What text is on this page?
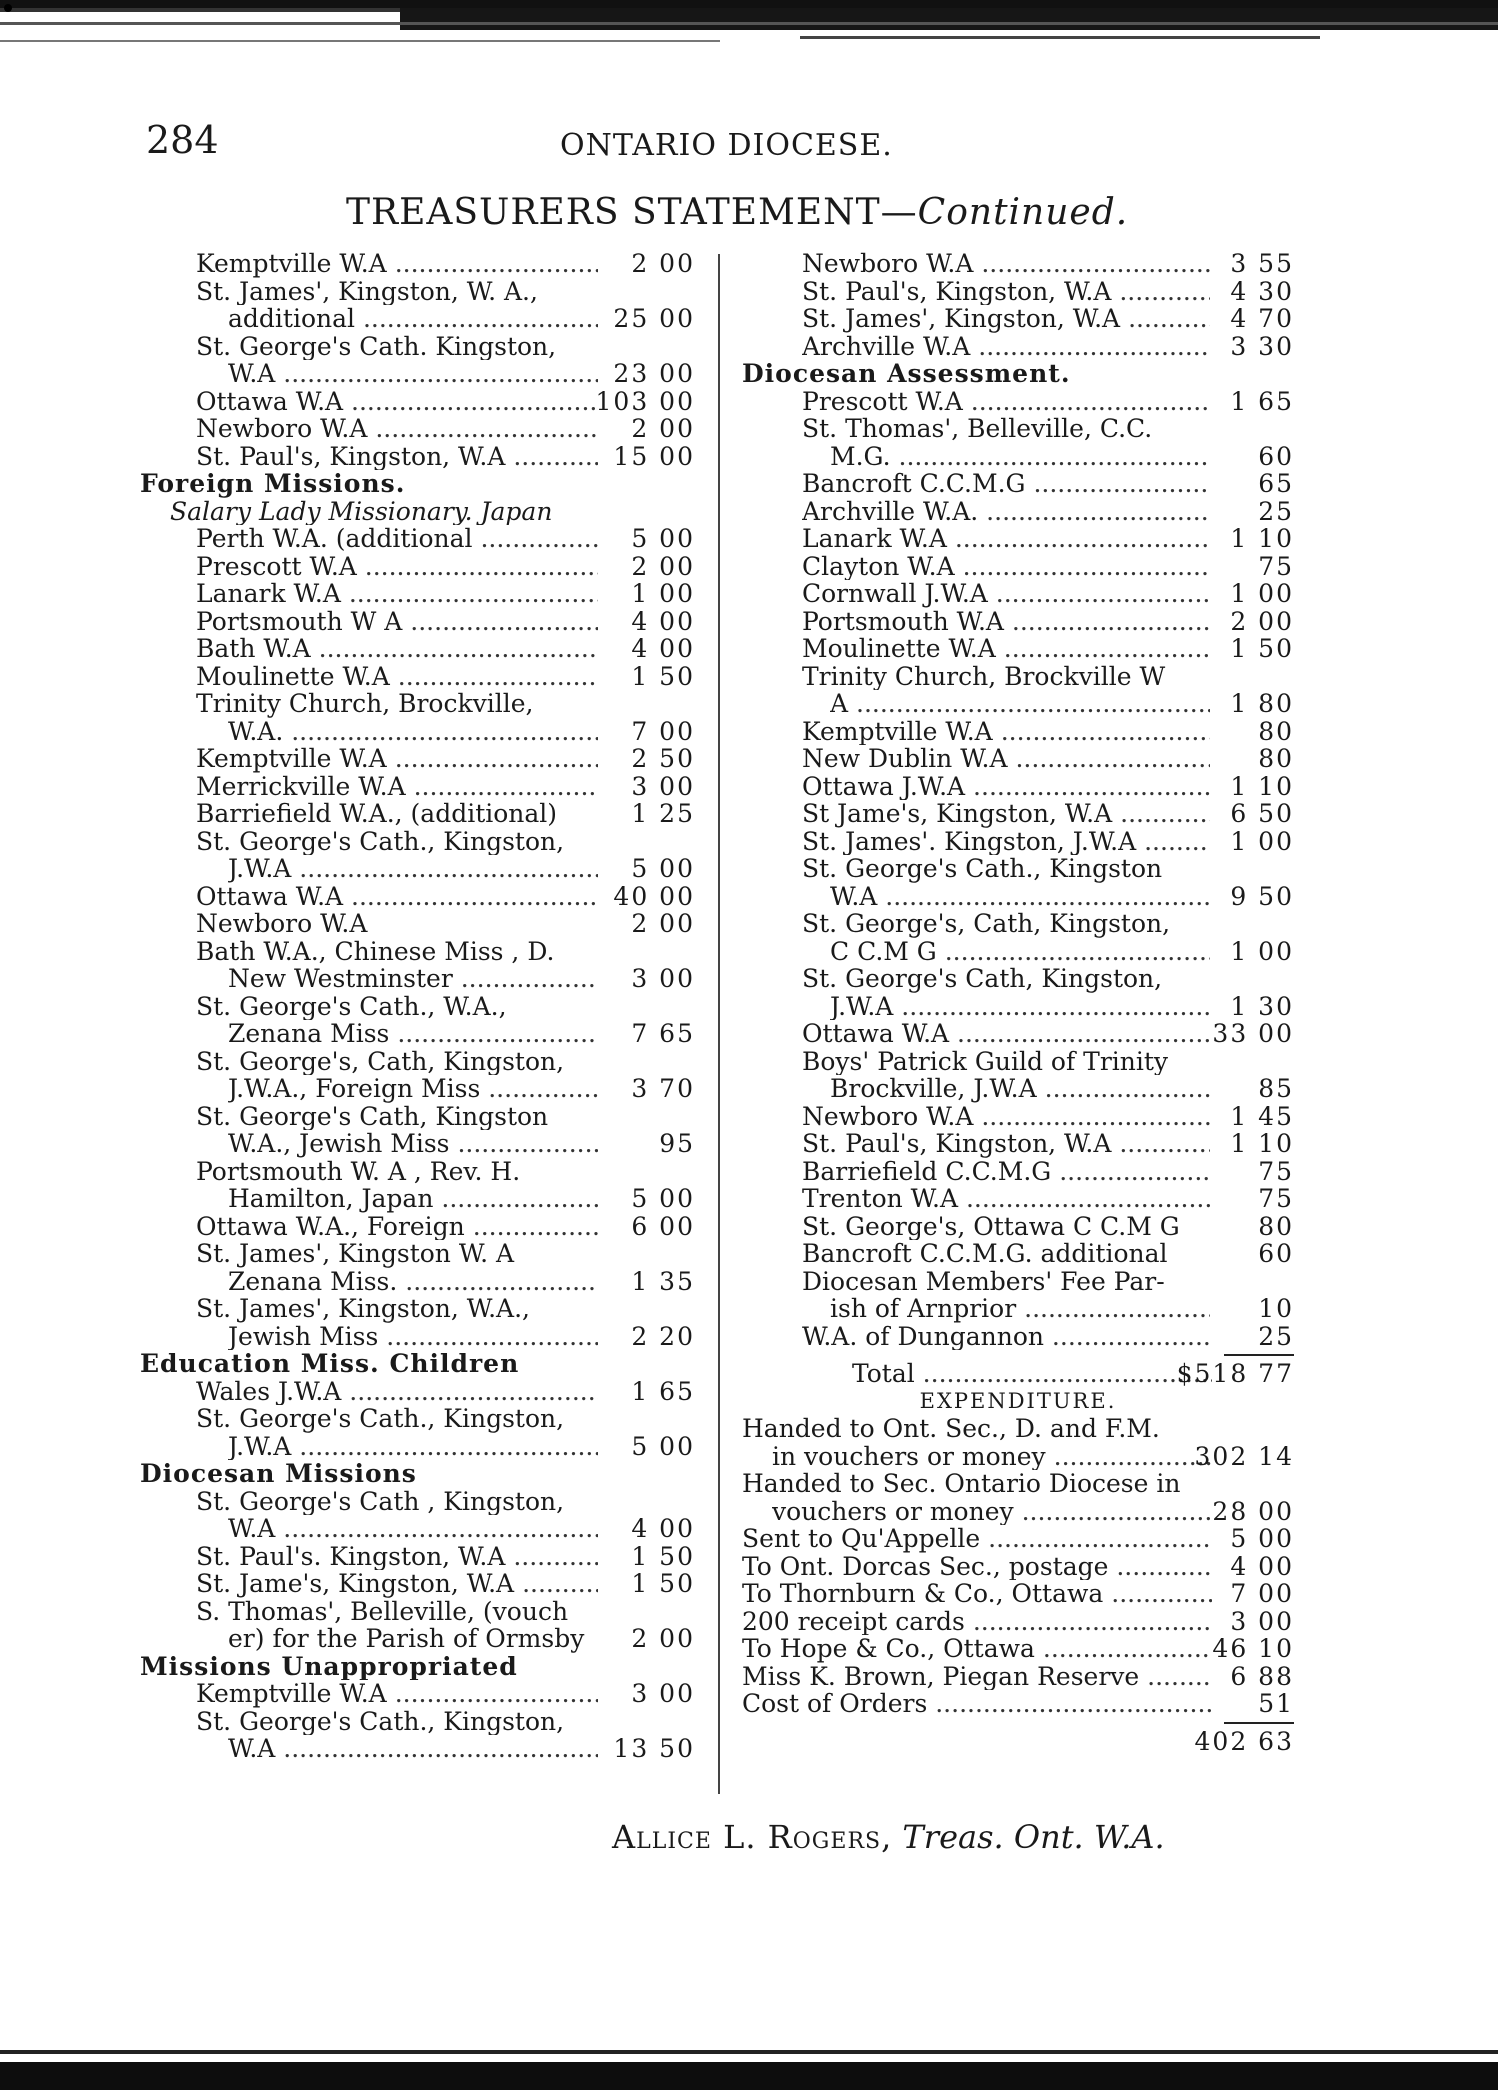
284	ONTARIO DIOCESE.
TREASURERS STATEMENT—Continued.
Kemptville W.A .....	2 00
St. James', Kingston, W. A.,
additional .....	25 00
St. George's Cath. Kingston,
W.A .....	23 00
Ottawa W.A .....	103 00
Newboro W.A .....	2 00
St. Paul's, Kingston, W.A .....	15 00
Foreign Missions.
Salary Lady Missionary. Japan
Perth W.A. (additional .....	5 00
Prescott W.A .....	2 00
Lanark W.A .....	1 00
Portsmouth W A .....	4 00
Bath W.A .....	4 00
Moulinette W.A .....	1 50
Trinity Church, Brockville,
W.A. .....	7 00
Kemptville W.A .....	2 50
Merrickville W.A .....	3 00
Barriefield W.A., (additional)	1 25
St. George's Cath., Kingston,
J.W.A .....	5 00
Ottawa W.A .....	40 00
Newboro W.A	2 00
Bath W.A., Chinese Miss , D.
New Westminster .....	3 00
St. George's Cath., W.A.,
Zenana Miss .....	7 65
St. George's, Cath, Kingston,
J.W.A., Foreign Miss .....	3 70
St. George's Cath, Kingston
W.A., Jewish Miss .....	95
Portsmouth W. A , Rev. H.
Hamilton, Japan .....	5 00
Ottawa W.A., Foreign .....	6 00
St. James', Kingston W. A
Zenana Miss. .....	1 35
St. James', Kingston, W.A.,
Jewish Miss .....	2 20
Education Miss. Children
Wales J.W.A .....	1 65
St. George's Cath., Kingston,
J.W.A .....	5 00
Diocesan Missions
St. George's Cath , Kingston,
W.A .....	4 00
St. Paul's. Kingston, W.A .....	1 50
St. Jame's, Kingston, W.A .....	1 50
S. Thomas', Belleville, (vouch
er) for the Parish of Ormsby	2 00
Missions Unappropriated
Kemptville W.A .....	3 00
St. George's Cath., Kingston,
W.A .....	13 50
Newboro W.A .....	3 55
St. Paul's, Kingston, W.A .....	4 30
St. James', Kingston, W.A .....	4 70
Archville W.A .....	3 30
Diocesan Assessment.
Prescott W.A .....	1 65
St. Thomas', Belleville, C.C.
M.G. .....	60
Bancroft C.C.M.G .....	65
Archville W.A. .....	25
Lanark W.A .....	1 10
Clayton W.A .....	75
Cornwall J.W.A .....	1 00
Portsmouth W.A .....	2 00
Moulinette W.A .....	1 50
Trinity Church, Brockville W
A .....	1 80
Kemptville W.A .....	80
New Dublin W.A .....	80
Ottawa J.W.A .....	1 10
St Jame's, Kingston, W.A .....	6 50
St. James'. Kingston, J.W.A .....	1 00
St. George's Cath., Kingston
W.A .....	9 50
St. George's, Cath, Kingston,
C C.M G .....	1 00
St. George's Cath, Kingston,
J.W.A .....	1 30
Ottawa W.A .....	33 00
Boys' Patrick Guild of Trinity
Brockville, J.W.A .....	85
Newboro W.A .....	1 45
St. Paul's, Kingston, W.A .....	1 10
Barriefield C.C.M.G .....	75
Trenton W.A .....	75
St. George's, Ottawa C C.M G	80
Bancroft C.C.M.G. additional	60
Diocesan Members' Fee Par-
ish of Arnprior .....	10
W.A. of Dungannon .....	25
Total .....	$518 77
EXPENDITURE.
Handed to Ont. Sec., D. and F.M.
in vouchers or money .....	302 14
Handed to Sec. Ontario Diocese in
vouchers or money .....	28 00
Sent to Qu'Appelle .....	5 00
To Ont. Dorcas Sec., postage .....	4 00
To Thornburn & Co., Ottawa .....	7 00
200 receipt cards .....	3 00
To Hope & Co., Ottawa .....	46 10
Miss K. Brown, Piegan Reserve .....	6 88
Cost of Orders .....	51
402 63
Allice L. Rogers, Treas. Ont. W.A.
